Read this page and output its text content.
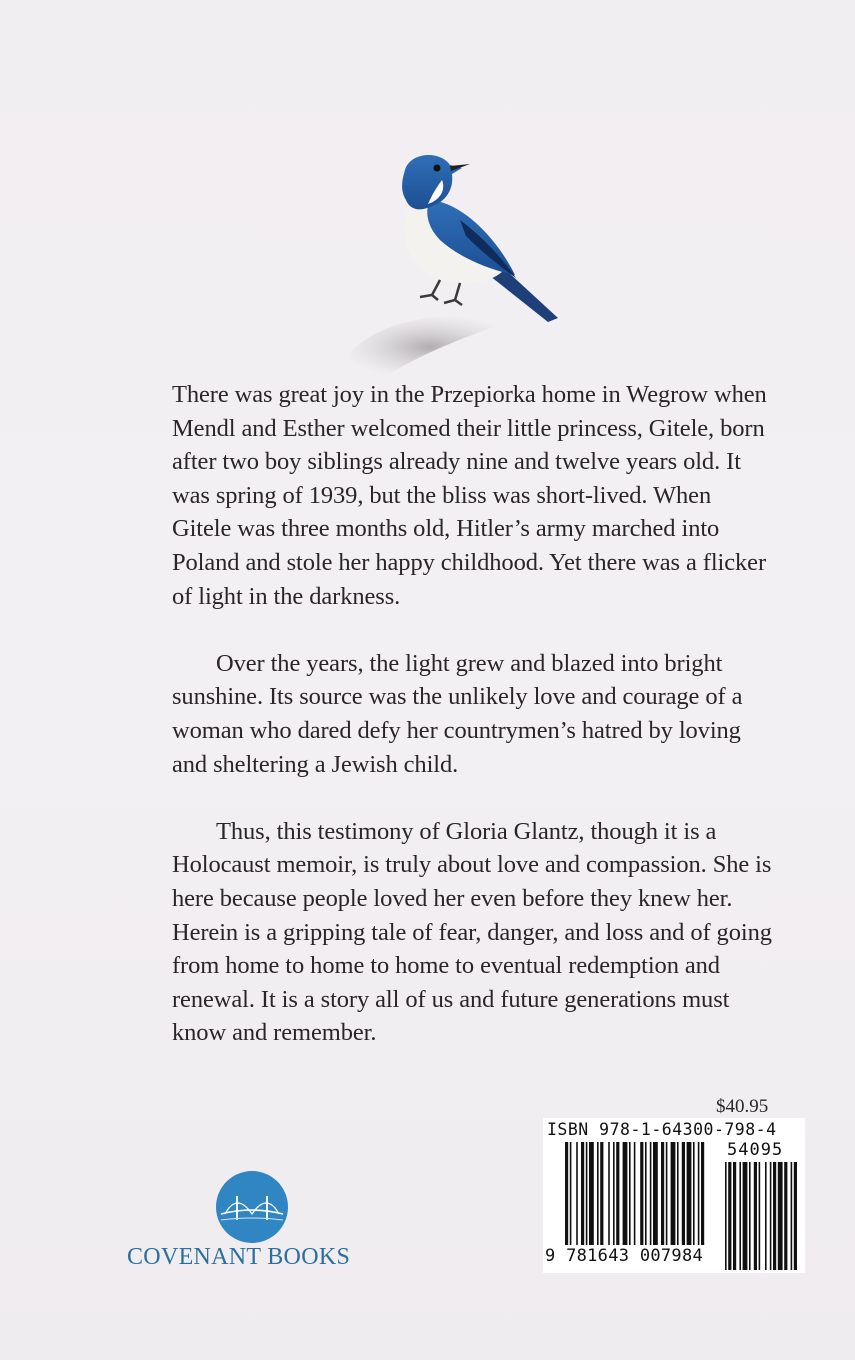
There was great joy in the Przepiorka home in Wegrow when Mendl and Esther welcomed their little princess, Gitele, born after two boy siblings already nine and twelve years old. It was spring of 1939, but the bliss was short-lived. When Gitele was three months old, Hitler’s army marched into Poland and stole her happy childhood. Yet there was a flicker of light in the darkness.

Over the years, the light grew and blazed into bright sunshine. Its source was the unlikely love and courage of a woman who dared defy her countrymen’s hatred by loving and sheltering a Jewish child.

Thus, this testimony of Gloria Glantz, though it is a Holocaust memoir, is truly about love and compassion. She is here because people loved her even before they knew her. Herein is a gripping tale of fear, danger, and loss and of going from home to home to home to eventual redemption and renewal. It is a story all of us and future generations must know and remember.

$40.95
ISBN 978-1-64300-798-4
54095
9 781643 007984
COVENANT BOOKS
